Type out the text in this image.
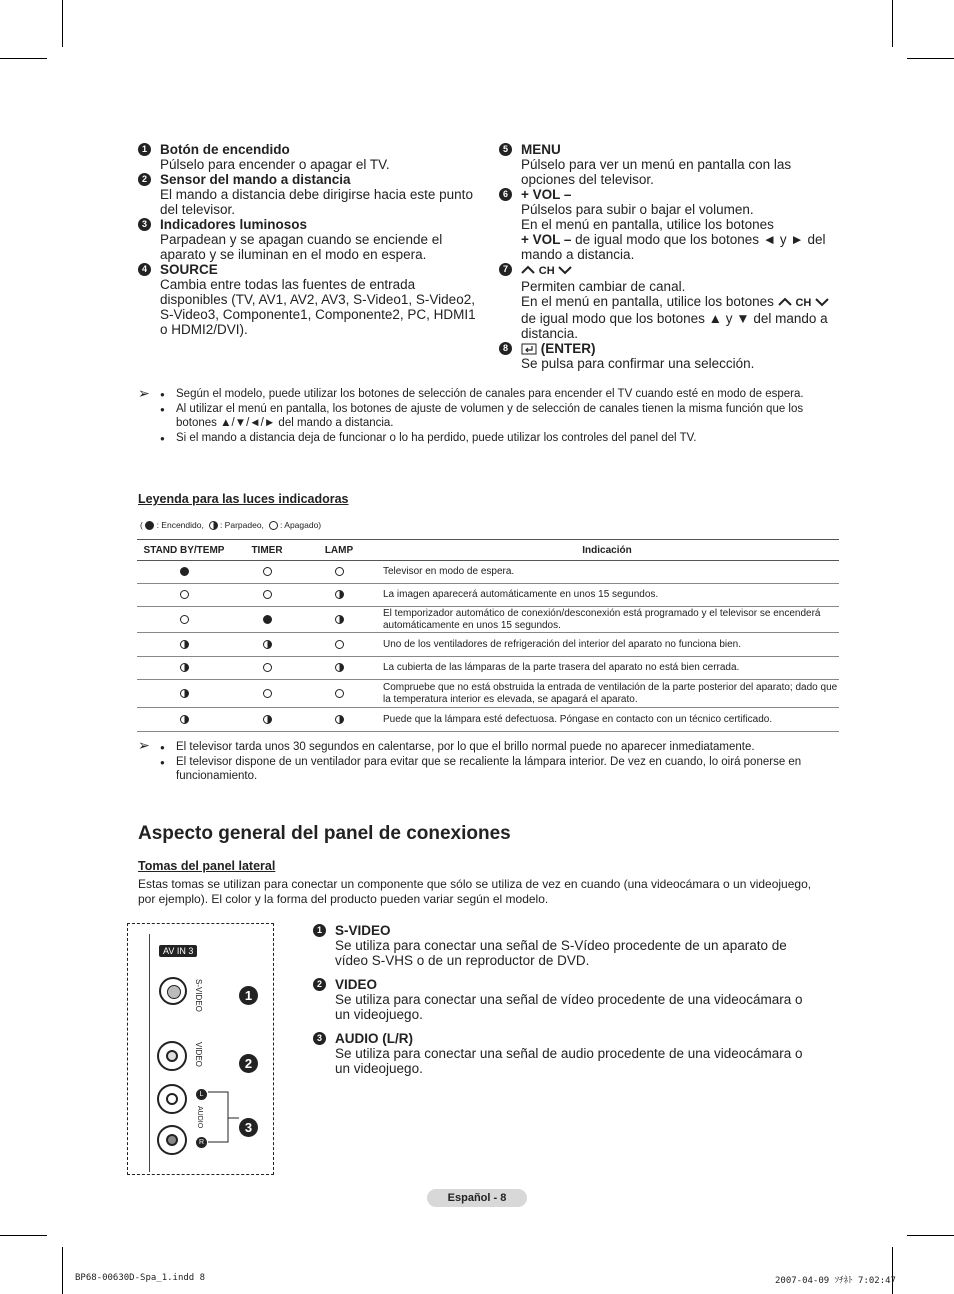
1 Botón de encendido
Púlselo para encender o apagar el TV.
2 Sensor del mando a distancia
El mando a distancia debe dirigirse hacia este punto del televisor.
3 Indicadores luminosos
Parpadean y se apagan cuando se enciende el aparato y se iluminan en el modo en espera.
4 SOURCE
Cambia entre todas las fuentes de entrada disponibles (TV, AV1, AV2, AV3, S-Video1, S-Video2, S-Video3, Componente1, Componente2, PC, HDMI1 o HDMI2/DVI).
5 MENU
Púlselo para ver un menú en pantalla con las opciones del televisor.
6 + VOL –
Púlselos para subir o bajar el volumen.
En el menú en pantalla, utilice los botones
+ VOL – de igual modo que los botones ◄ y ► del mando a distancia.
7	CH
Permiten cambiar de canal.
En el menú en pantalla, utilice los botones CH
de igual modo que los botones ▲ y ▼ del mando a distancia.
8	(ENTER)
Se pulsa para confirmar una selección.
➢	● Según el modelo, puede utilizar los botones de selección de canales para encender el TV cuando esté en modo de espera.
● Al utilizar el menú en pantalla, los botones de ajuste de volumen y de selección de canales tienen la misma función que los botones ▲/▼/◄/► del mando a distancia.
● Si el mando a distancia deja de funcionar o lo ha perdido, puede utilizar los controles del panel del TV.
Leyenda para las luces indicadoras
(  : Encendido, : Parpadeo, : Apagado)
STAND BY/TEMP	TIMER	LAMP	Indicación
			Televisor en modo de espera.
			La imagen aparecerá automáticamente en unos 15 segundos.
			El temporizador automático de conexión/desconexión está programado y el televisor se encenderá automáticamente en unos 15 segundos.
			Uno de los ventiladores de refrigeración del interior del aparato no funciona bien.
			La cubierta de las lámparas de la parte trasera del aparato no está bien cerrada.
			Compruebe que no está obstruida la entrada de ventilación de la parte posterior del aparato; dado que la temperatura interior es elevada, se apagará el aparato.
			Puede que la lámpara esté defectuosa. Póngase en contacto con un técnico certificado.
➢	● El televisor tarda unos 30 segundos en calentarse, por lo que el brillo normal puede no aparecer inmediatamente.
● El televisor dispone de un ventilador para evitar que se recaliente la lámpara interior. De vez en cuando, lo oirá ponerse en funcionamiento.
Aspecto general del panel de conexiones
Tomas del panel lateral
Estas tomas se utilizan para conectar un componente que sólo se utiliza de vez en cuando (una videocámara o un videojuego, por ejemplo). El color y la forma del producto pueden variar según el modelo.
AV IN 3
S-VIDEO
VIDEO
L
AUDIO
R
1
2
3
1 S-VIDEO
Se utiliza para conectar una señal de S-Vídeo procedente de un aparato de vídeo S-VHS o de un reproductor de DVD.
2 VIDEO
Se utiliza para conectar una señal de vídeo procedente de una videocámara o un videojuego.
3 AUDIO (L/R)
Se utiliza para conectar una señal de audio procedente de una videocámara o un videojuego.
Español - 8
BP68-00630D-Spa_1.indd 8	2007-04-09 ｿﾁﾈﾄ 7:02:47
